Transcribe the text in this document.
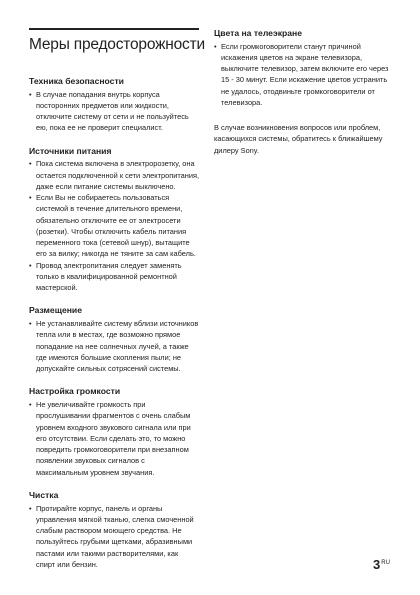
Меры предосторожности
Техника безопасности
• В случае попадания внутрь корпуса посторонних предметов или жидкости, отключите систему от сети и не пользуйтесь ею, пока ее не проверит специалист.
Источники питания
• Пока система включена в электророзетку, она остается подключенной к сети электропитания, даже если питание системы выключено.
• Если Вы не собираетесь пользоваться системой в течение длительного времени, обязательно отключите ее от электросети (розетки). Чтобы отключить кабель питания переменного тока (сетевой шнур), вытащите его за вилку; никогда не тяните за сам кабель.
• Провод электропитания следует заменять только в квалифицированной ремонтной мастерской.
Размещение
• Не устанавливайте систему вблизи источников тепла или в местах, где возможно прямое попадание на нее солнечных лучей, а также где имеются большие скопления пыли; не допускайте сильных сотрясений системы.
Настройка громкости
• Не увеличивайте громкость при прослушивании фрагментов с очень слабым уровнем входного звукового сигнала или при его отсутствии. Если сделать это, то можно повредить громкоговорители при внезапном появлении звуковых сигналов с максимальным уровнем звучания.
Чистка
• Протирайте корпус, панель и органы управления мягкой тканью, слегка смоченной слабым раствором моющего средства. Не пользуйтесь грубыми щетками, абразивными пастами или такими растворителями, как спирт или бензин.
Цвета на телеэкране
• Если громкоговорители станут причиной искажения цветов на экране телевизора, выключите телевизор, затем включите его через 15 - 30 минут. Если искажение цветов устранить не удалось, отодвиньте громкоговорители от телевизора.

В случае возникновения вопросов или проблем, касающихся системы, обратитесь к ближайшему дилеру Sony.

$3^{RU}$
